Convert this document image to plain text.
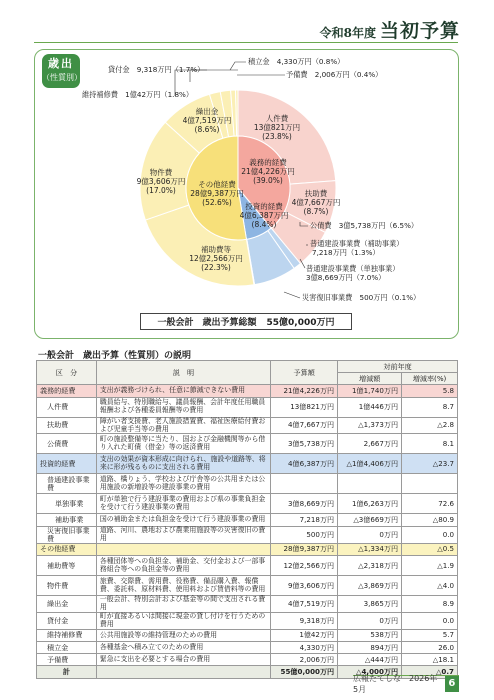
令和8年度 当初予算
歳出
（性質別）
人件費
13億821万円
(23.8%)
扶助費
4億7,667万円
(8.7%)
義務的経費
21億4,226万円
(39.0%)
投資的経費
4億6,387万円
(8.4%)
その他経費
28億9,387万円
(52.6%)
補助費等
12億2,566万円
(22.3%)
物件費
9億3,606万円
(17.0%)
繰出金
4億7,519万円
(8.6%)
維持補修費　1億42万円（1.8%）
貸付金　9,318万円（1.7%）
積立金　4,330万円（0.8%）
予備費　2,006万円（0.4%）
公債費　3億5,738万円（6.5%）
普通建設事業費（補助事業）
7,218万円（1.3%）
普通建設事業費（単独事業）
3億8,669万円（7.0%）
災害復旧事業費　500万円（0.1%）
一般会計　歳出予算総額 55億0,000万円
一般会計　歳出予算（性質別）の説明
区　分	説　明	予算額	対前年度	
			増減額	増減率(%)
義務的経費	支出が義務づけられ、任意に節減できない費用	21億4,226万円	1億1,740万円	5.8
人件費	職員給与、特別職給与、議員報酬、会計年度任用職員報酬および各種委員報酬等の費用	13億821万円	1億446万円	8.7
扶助費	障がい者支援費、老人施設措置費、福祉医療給付費および児童手当等の費用	4億7,667万円	△1,373万円	△2.8
公債費	町の施設整備等に当たり、国および金融機関等から借り入れた町債（借金）等の返済費用	3億5,738万円	2,667万円	8.1
投資的経費	支出の効果が資本形成に向けられ、施設や道路等、将来に形が残るものに支出される費用	4億6,387万円	△1億4,406万円	△23.7
普通建設事業費	道路、橋りょう、学校および庁舎等の公共用または公用施設の新増設等の建設事業の費用			
単独事業	町が単独で行う建設事業の費用および県の事業負担金を受けて行う建設事業の費用	3億8,669万円	1億6,263万円	72.6
補助事業	国の補助金または負担金を受けて行う建設事業の費用	7,218万円	△3億669万円	△80.9
災害復旧事業費	道路、河川、農地および農業用施設等の災害復旧の費用	500万円	0万円	0.0
その他経費		28億9,387万円	△1,334万円	△0.5
補助費等	各種団体等への負担金、補助金、交付金および一部事務組合等への負担金等の費用	12億2,566万円	△2,318万円	△1.9
物件費	旅費、交際費、需用費、役務費、備品購入費、報償費、委託料、原材料費、使用料および賃借料等の費用	9億3,606万円	△3,869万円	△4.0
繰出金	一般会計、特別会計および基金等の間で支出される費用	4億7,519万円	3,865万円	8.9
貸付金	町が直接あるいは間接に現金の貸し付けを行うための費用	9,318万円	0万円	0.0
維持補修費	公共用施設等の維持管理のための費用	1億42万円	538万円	5.7
積立金	各種基金へ積み立てのための費用	4,330万円	894万円	26.0
予備費	緊急に支出を必要とする場合の費用	2,006万円	△444万円	△18.1
計		55億0,000万円	△4,000万円	△0.7
広報たてしな　2026年5月
6
